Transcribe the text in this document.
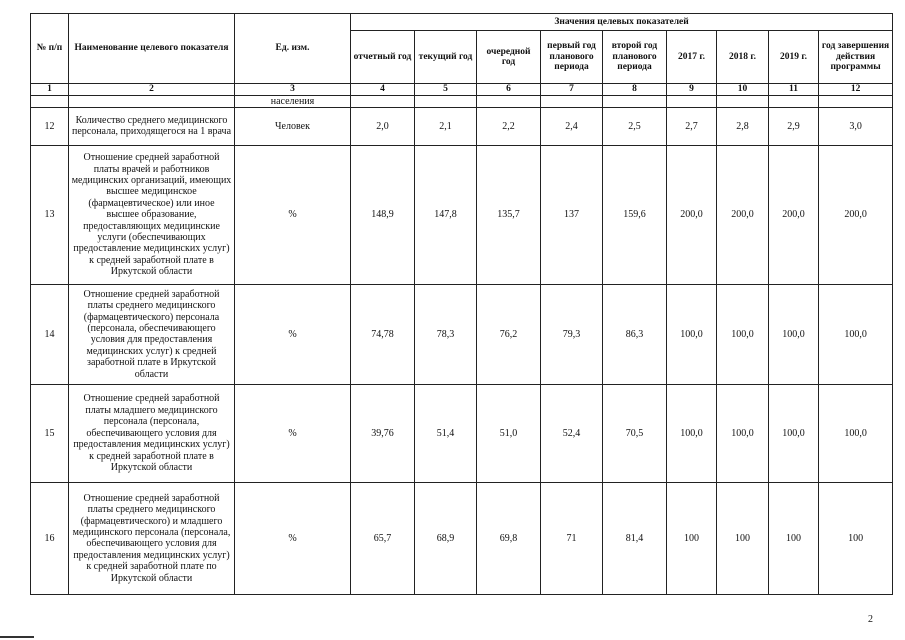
№ п/п	Наименование целевого показателя	Ед. изм.	Значения целевых показателей								
			отчетный год	текущий год	очередной год	первый год планового периода	второй год планового периода	2017 г.	2018 г.	2019 г.	год завершения действия программы
1	2	3	4	5	6	7	8	9	10	11	12
		населения									
12	Количество среднего медицинского персонала, приходящегося на 1 врача	Человек	2,0	2,1	2,2	2,4	2,5	2,7	2,8	2,9	3,0
13	Отношение средней заработной платы врачей и работников медицинских организаций, имеющих высшее медицинское (фармацевтическое) или иное высшее образование, предоставляющих медицинские услуги (обеспечивающих предоставление медицинских услуг) к средней заработной плате в Иркутской области	%	148,9	147,8	135,7	137	159,6	200,0	200,0	200,0	200,0
14	Отношение средней заработной платы среднего медицинского (фармацевтического) персонала (персонала, обеспечивающего условия для предоставления медицинских услуг) к средней заработной плате в Иркутской области	%	74,78	78,3	76,2	79,3	86,3	100,0	100,0	100,0	100,0
15	Отношение средней заработной платы младшего медицинского персонала (персонала, обеспечивающего условия для предоставления медицинских услуг) к средней заработной плате в Иркутской области	%	39,76	51,4	51,0	52,4	70,5	100,0	100,0	100,0	100,0
16	Отношение средней заработной платы среднего медицинского (фармацевтического) и младшего медицинского персонала (персонала, обеспечивающего условия для предоставления медицинских услуг) к средней заработной плате по Иркутской области	%	65,7	68,9	69,8	71	81,4	100	100	100	100
2
